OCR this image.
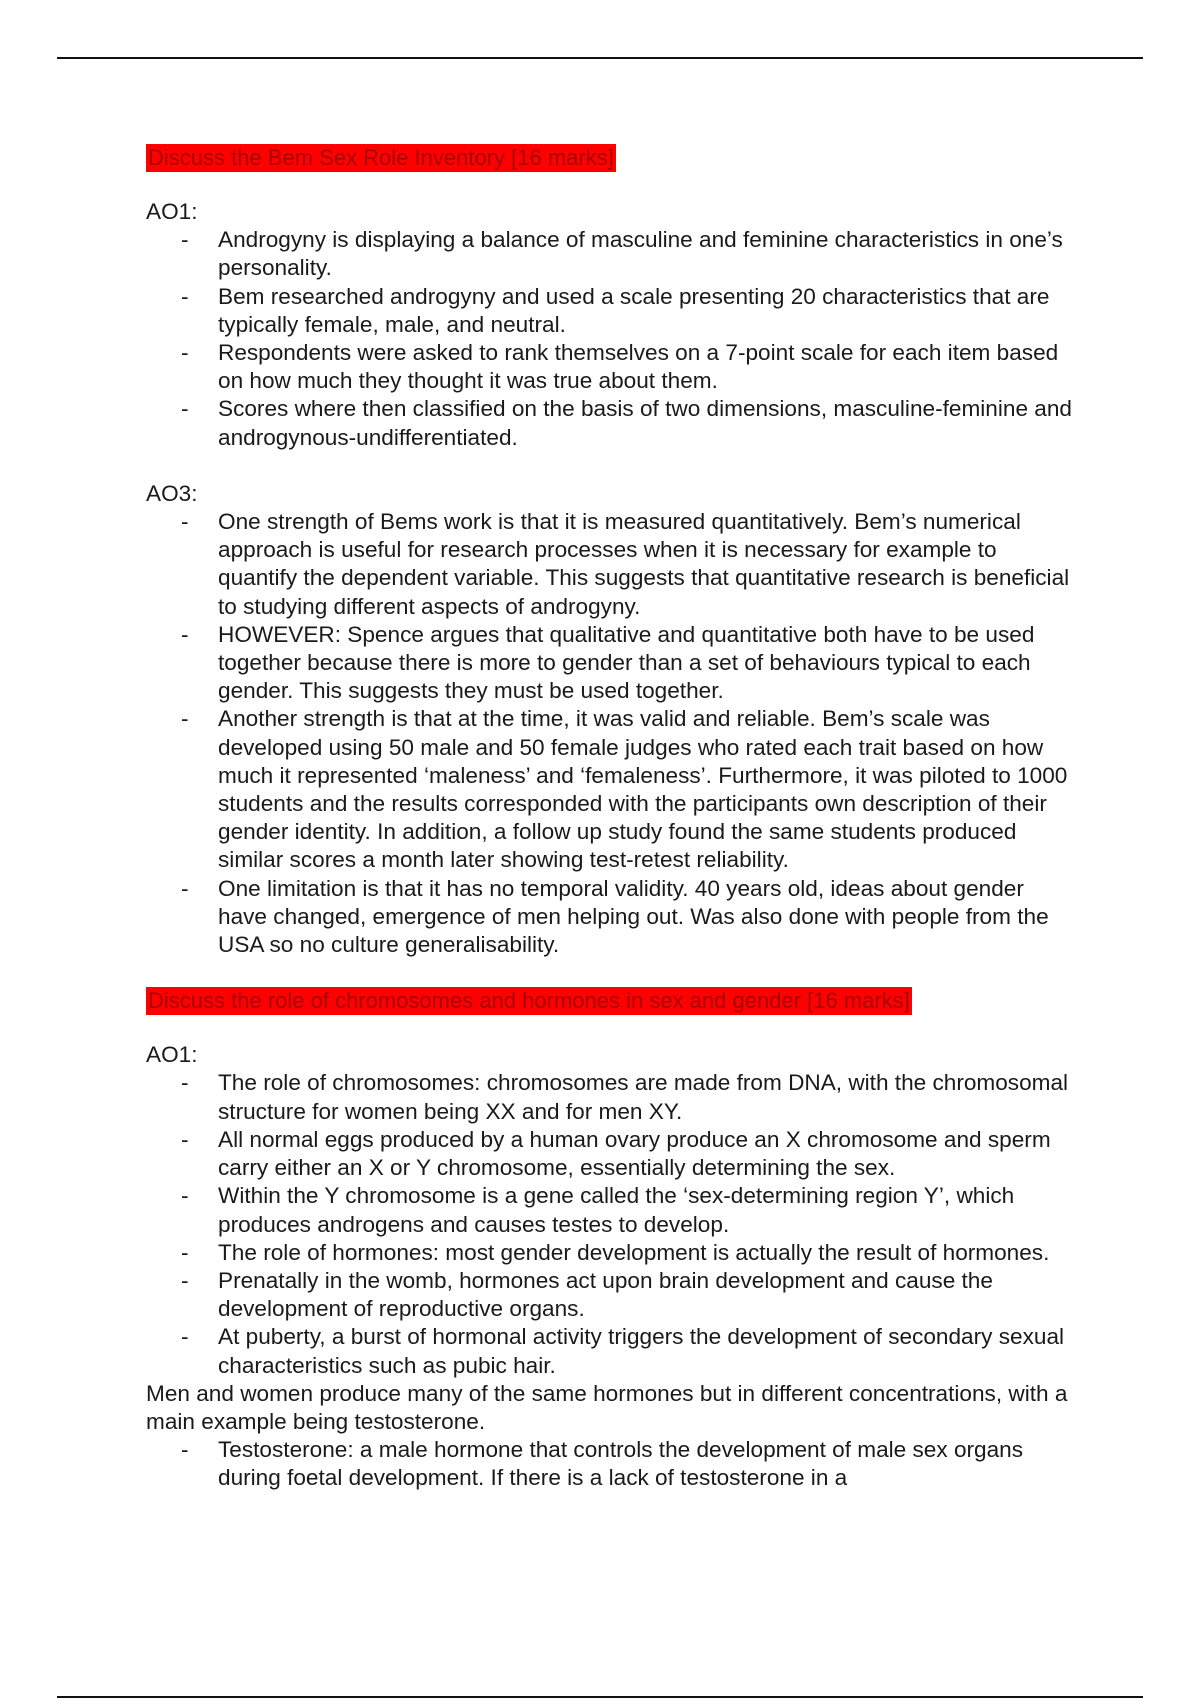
Discuss the Bem Sex Role Inventory [16 marks]

AO1:

- Androgyny is displaying a balance of masculine and feminine characteristics in one’s personality.
- Bem researched androgyny and used a scale presenting 20 characteristics that are typically female, male, and neutral.
- Respondents were asked to rank themselves on a 7-point scale for each item based on how much they thought it was true about them.
- Scores where then classified on the basis of two dimensions, masculine-feminine and androgynous-undifferentiated.

AO3:

- One strength of Bems work is that it is measured quantitatively. Bem’s numerical approach is useful for research processes when it is necessary for example to quantify the dependent variable. This suggests that quantitative research is beneficial to studying different aspects of androgyny.
- HOWEVER: Spence argues that qualitative and quantitative both have to be used together because there is more to gender than a set of behaviours typical to each gender. This suggests they must be used together.
- Another strength is that at the time, it was valid and reliable. Bem’s scale was developed using 50 male and 50 female judges who rated each trait based on how much it represented ‘maleness’ and ‘femaleness’. Furthermore, it was piloted to 1000 students and the results corresponded with the participants own description of their gender identity. In addition, a follow up study found the same students produced similar scores a month later showing test-retest reliability.
- One limitation is that it has no temporal validity. 40 years old, ideas about gender have changed, emergence of men helping out. Was also done with people from the USA so no culture generalisability.
Discuss the role of chromosomes and hormones in sex and gender [16 marks]

AO1:

- The role of chromosomes: chromosomes are made from DNA, with the chromosomal structure for women being XX and for men XY.
- All normal eggs produced by a human ovary produce an X chromosome and sperm carry either an X or Y chromosome, essentially determining the sex.
- Within the Y chromosome is a gene called the ‘sex-determining region Y’, which produces androgens and causes testes to develop.
- The role of hormones: most gender development is actually the result of hormones.
- Prenatally in the womb, hormones act upon brain development and cause the development of reproductive organs.
- At puberty, a burst of hormonal activity triggers the development of secondary sexual characteristics such as pubic hair.

Men and women produce many of the same hormones but in different concentrations, with a main example being testosterone.

- Testosterone: a male hormone that controls the development of male sex organs during foetal development. If there is a lack of testosterone in a
